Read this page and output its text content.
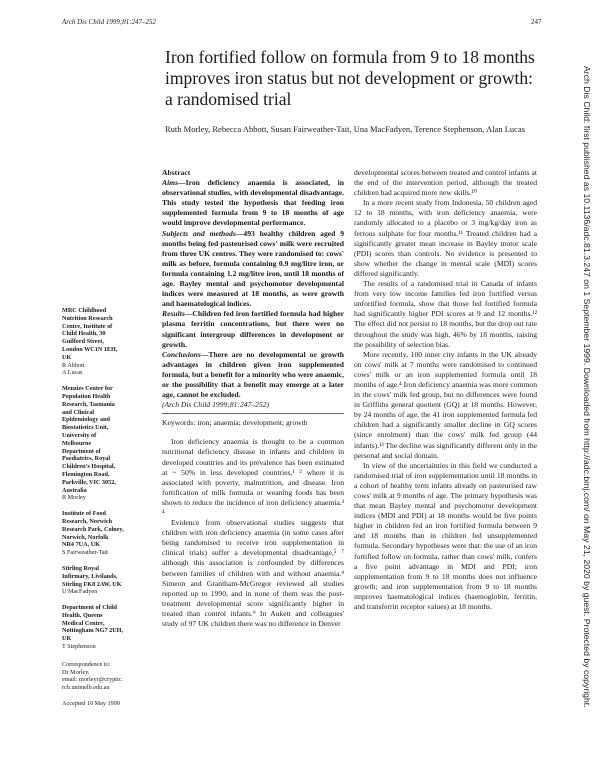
Arch Dis Child 1999;81:247–252	247
Iron fortified follow on formula from 9 to 18 months improves iron status but not development or growth: a randomised trial
Ruth Morley, Rebecca Abbott, Susan Fairweather-Tait, Una MacFadyen, Terence Stephenson, Alan Lucas
MRC Childhood
Nutrition Research
Centre, Institute of
Child Health, 30
Guilford Street,
London WC1N 1EH,
UK
R Abbott
A Lucas
Menzies Centre for
Population Health
Research, Tasmania
and Clinical
Epidemiology and
Biostatistics Unit,
University of
Melbourne
Department of
Paediatrics, Royal
Children's Hospital,
Flemington Road,
Parkville, VIC 3052,
Australia
R Morley
Institute of Food
Research, Norwich
Research Park, Colney,
Norwich, Norfolk
NR4 7UA, UK
S Fairweather-Tait
Stirling Royal
Infirmary, Livilands,
Stirling FK8 2AW, UK
U MacFadyen
Department of Child
Health, Queens
Medical Centre,
Nottingham NG7 2UH,
UK
T Stephenson
Correspondence to:
Dr Morley.
email: morleyr@cryptic.
rch.unimelb.edu.au
Accepted 10 May 1999
Abstract
Aims—Iron deficiency anaemia is associated, in observational studies, with developmental disadvantage. This study tested the hypothesis that feeding iron supplemented formula from 9 to 18 months of age would improve developmental performance.
Subjects and methods—493 healthy children aged 9 months being fed pasteurised cows' milk were recruited from three UK centres. They were randomised to: cows' milk as before, formula containing 0.9 mg/litre iron, or formula containing 1.2 mg/litre iron, until 18 months of age. Bayley mental and psychomotor developmental indices were measured at 18 months, as were growth and haematological indices.
Results—Children fed iron fortified formula had higher plasma ferritin concentrations, but there were no significant intergroup differences in development or growth.
Conclusions—There are no developmental or growth advantages in children given iron supplemented formula, but a benefit for a minority who were anaemic, or the possibility that a benefit may emerge at a later age, cannot be excluded.
(Arch Dis Child 1999;81:247–252)
Keywords: iron; anaemia; development; growth

Iron deficiency anaemia is thought to be a common nutritional deficiency disease in infants and children in developed countries and its prevalence has been estimated at ~ 50% in less developed countries,¹ ² where it is associated with poverty, malnutrition, and disease. Iron fortification of milk formula or weaning foods has been shown to reduce the incidence of iron deficiency anaemia.³ ⁴

Evidence from observational studies suggests that children with iron deficiency anaemia (in some cases after being randomised to receive iron supplementation in clinical trials) suffer a developmental disadvantage,⁵ ⁷ although this association is confounded by differences between families of children with and without anaemia.⁸ Simeon and Grantham-McGregor reviewed all studies reported up to 1990, and in none of them was the post-treatment developmental score significantly higher in treated than control infants.⁹ In Aukett and colleagues' study of 97 UK children there was no difference in Denver

developmental scores between treated and control infants at the end of the intervention period, although the treated children had acquired more new skills.¹⁰

In a more recent study from Indonesia, 50 children aged 12 to 18 months, with iron deficiency anaemia, were randomly allocated to a placebo or 3 mg/kg/day iron as ferrous sulphate for four months.¹¹ Treated children had a significantly greater mean increase in Bayley motor scale (PDI) scores than controls. No evidence is presented to show whether the change in mental scale (MDI) scores differed significantly.

The results of a randomised trial in Canada of infants from very low income families fed iron fortified versus unfortified formula, show that those fed fortified formula had significantly higher PDI scores at 9 and 12 months.¹² The effect did not persist to 18 months, but the drop out rate throughout the study was high, 46% by 18 months, raising the possibility of selection bias.

More recently, 100 inner city infants in the UK already on cows' milk at 7 months were randomised to continued cows' milk or an iron supplemented formula until 18 months of age.⁴ Iron deficiency anaemia was more common in the cows' milk fed group, but no differences were found in Griffiths general quotient (GQ) at 18 months. However, by 24 months of age, the 41 iron supplemented formula fed children had a significantly smaller decline in GQ scores (since enrolment) than the cows' milk fed group (44 infants).¹³ The decline was significantly different only in the personal and social domain.

In view of the uncertainties in this field we conducted a randomised trial of iron supplementation until 18 months in a cohort of healthy term infants already on pasteurised raw cows' milk at 9 months of age. The primary hypothesis was that mean Bayley mental and psychomotor development indices (MDI and PDI) at 18 months would be five points higher in children fed an iron fortified formula between 9 and 18 months than in children fed unsupplemented formula. Secondary hypotheses were that: the use of an iron fortified follow on formula, rather than cows' milk, confers a five point advantage in MDI and PDI; iron supplementation from 9 to 18 months does not influence growth; and iron supplementation from 9 to 18 months improves haematological indices (haemoglobin, ferritin, and transferrin receptor values) at 18 months.	Arch Dis Child: first published as 10.1136/adc.81.3.247 on 1 September 1999. Downloaded from http://adc.bmj.com/ on May 21, 2020 by guest. Protected by copyright.
